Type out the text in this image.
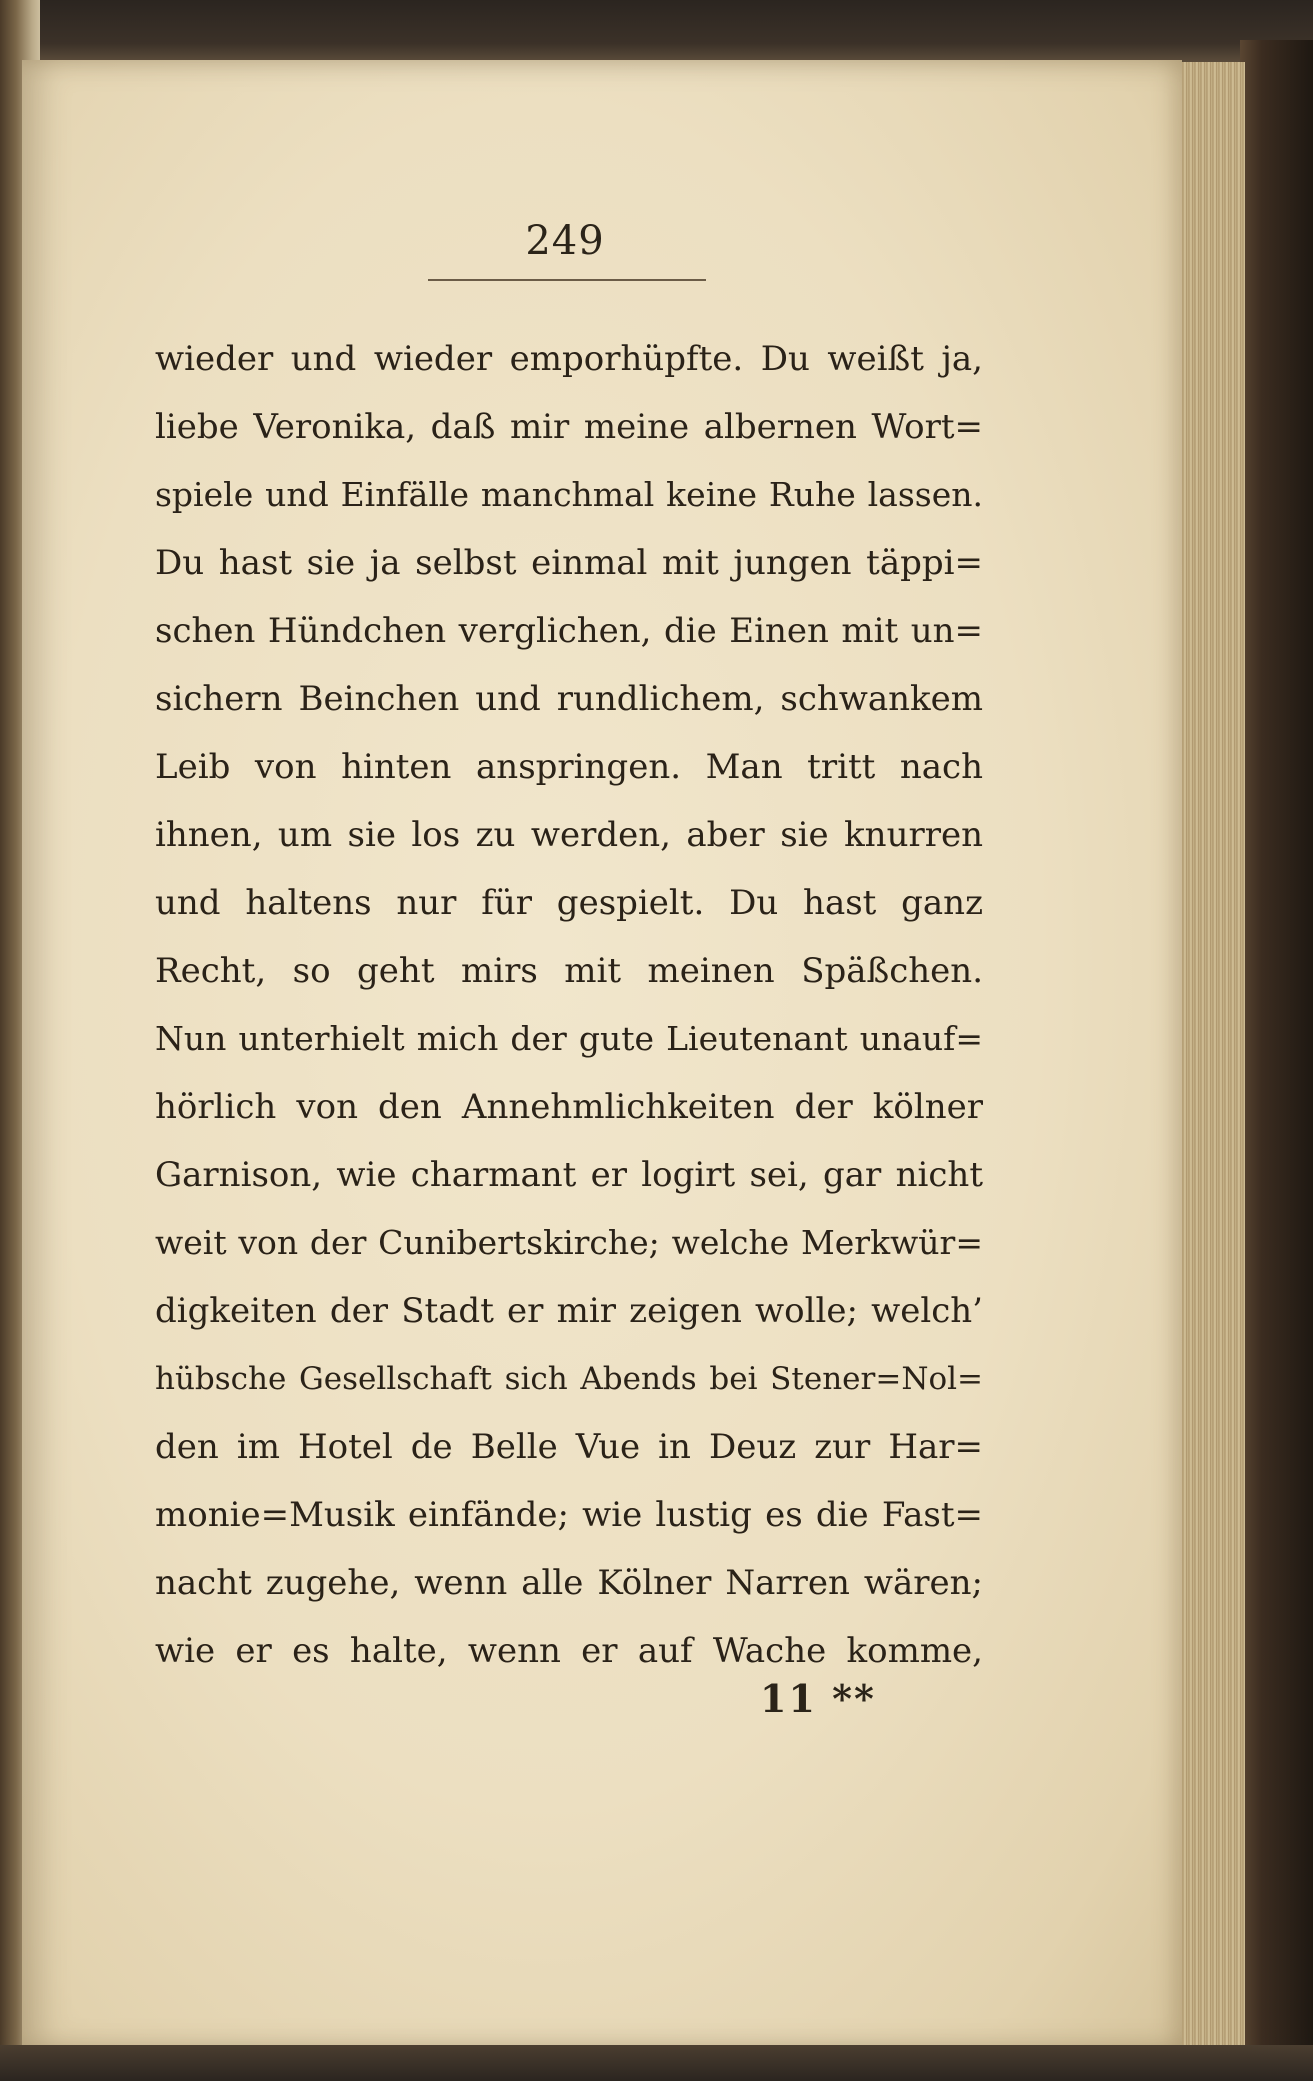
249
wieder und wieder emporhüpfte. Du weißt ja,
liebe Veronika, daß mir meine albernen Wort=
spiele und Einfälle manchmal keine Ruhe lassen.
Du hast sie ja selbst einmal mit jungen täppi=
schen Hündchen verglichen, die Einen mit un=
sichern Beinchen und rundlichem, schwankem
Leib von hinten anspringen. Man tritt nach
ihnen, um sie los zu werden, aber sie knurren
und haltens nur für gespielt. Du hast ganz
Recht, so geht mirs mit meinen Späßchen.
Nun unterhielt mich der gute Lieutenant unauf=
hörlich von den Annehmlichkeiten der kölner
Garnison, wie charmant er logirt sei, gar nicht
weit von der Cunibertskirche; welche Merkwür=
digkeiten der Stadt er mir zeigen wolle; welch’
hübsche Gesellschaft sich Abends bei Stener=Nol=
den im Hotel de Belle Vue in Deuz zur Har=
monie=Musik einfände; wie lustig es die Fast=
nacht zugehe, wenn alle Kölner Narren wären;
wie er es halte, wenn er auf Wache komme,
11 **
